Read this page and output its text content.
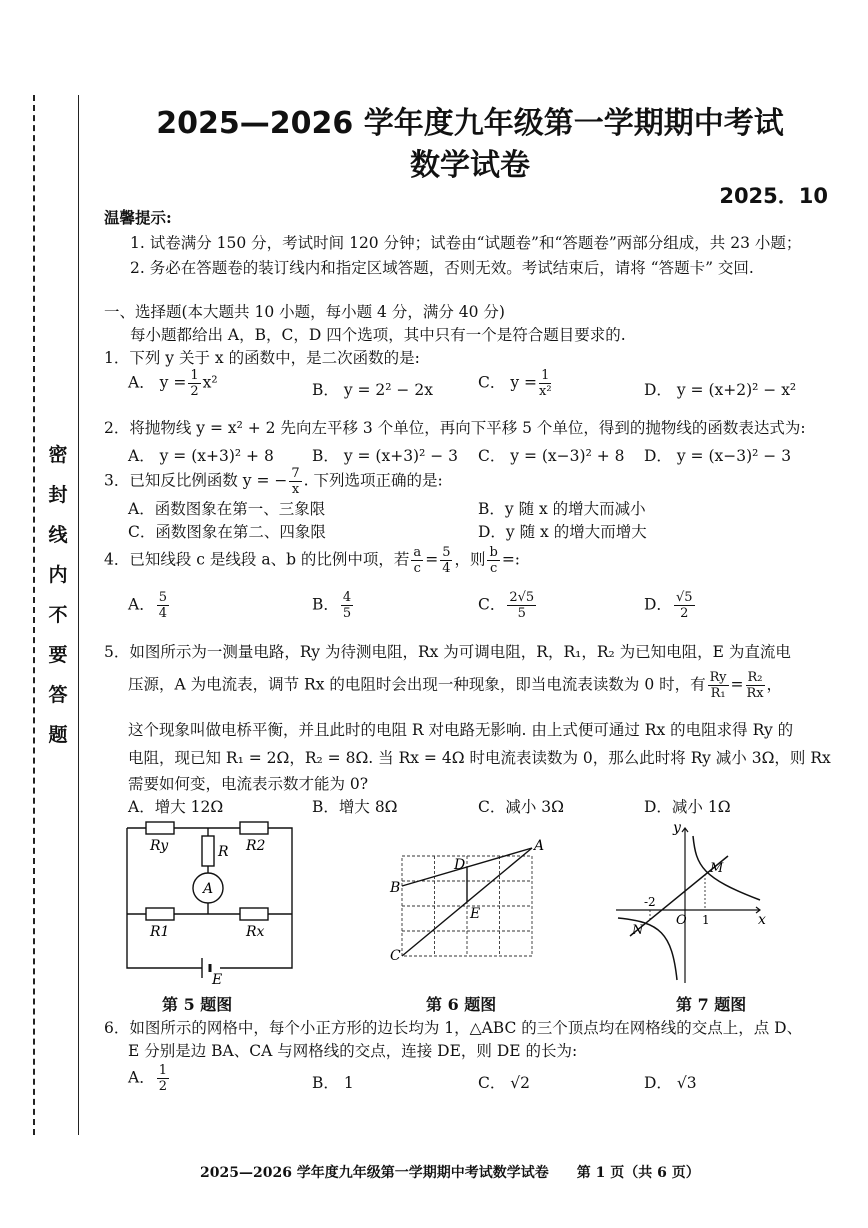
密
封
线
内
不
要
答
题
2025—2026 学年度九年级第一学期期中考试
数学试卷
2025．10
温馨提示:
1. 试卷满分 150 分，考试时间 120 分钟；试卷由“试题卷”和“答题卷”两部分组成，共 23 小题；
2. 务必在答题卷的装订线内和指定区域答题，否则无效。考试结束后，请将 “答题卡” 交回.
一、选择题(本大题共 10 小题，每小题 4 分，满分 40 分)
每小题都给出 A，B，C，D 四个选项，其中只有一个是符合题目要求的.
1．下列 y 关于 x 的函数中，是二次函数的是:
A． $y = \frac{1}{2} x^2$	B． y = 2² − 2x	C． $y = \frac{1}{\text{x²}}$	D． y = (x+2)² − x²
2．将抛物线 y = x² + 2 先向左平移 3 个单位，再向下平移 5 个单位，得到的抛物线的函数表达式为:
A． y = (x+3)² + 8 B． y = (x+3)² − 3 C． y = (x−3)² + 8 D． y = (x−3)² − 3
3．已知反比例函数 y = − $\frac{7}{x}$ . 下列选项正确的是:
A．函数图象在第一、三象限	B．y 随 x 的增大而减小
C．函数图象在第二、四象限	D．y 随 x 的增大而增大
4．已知线段 c 是线段 a、b 的比例中项，若 $\frac{a}{c} = \frac{5}{4}$ ，则 $\frac{b}{c}$ =:
A． $\frac{5}{4}$	B． $\frac{4}{5}$	C． $\frac{2√5}{5}$	D． $\frac{√5}{2}$
5．如图所示为一测量电路，Ry 为待测电阻，Rx 为可调电阻，R，R₁，R₂ 为已知电阻，E 为直流电
压源，A 为电流表，调节 Rx 的电阻时会出现一种现象，即当电流表读数为 0 时，有 $\frac{Ry}{\text{R₁}} = \frac{\text{R₂}}{Rx}$ ，
这个现象叫做电桥平衡，并且此时的电阻 R 对电路无影响. 由上式便可通过 Rx 的电阻求得 Ry 的
电阻，现已知 R₁ = 2Ω，R₂ = 8Ω. 当 Rx = 4Ω 时电流表读数为 0，那么此时将 Ry 减小 3Ω，则 Rx
需要如何变，电流表示数才能为 0?
A．增大 12Ω	B．增大 8Ω	C．减小 3Ω	D．减小 1Ω
Ry	R R2
A
R1	Rx
E
第 5 题图
B
A
C
D
E
第 6 题图
y
x
M
N
O
-2
1
第 7 题图
6．如图所示的网格中，每个小正方形的边长均为 1，△ABC 的三个顶点均在网格线的交点上，点 D、
E 分别是边 BA、CA 与网格线的交点，连接 DE，则 DE 的长为:
A． $\frac{1}{2}$	B． 1	C． √2	D． √3
2025—2026 学年度九年级第一学期期中考试数学试卷　　第 1 页（共 6 页）
